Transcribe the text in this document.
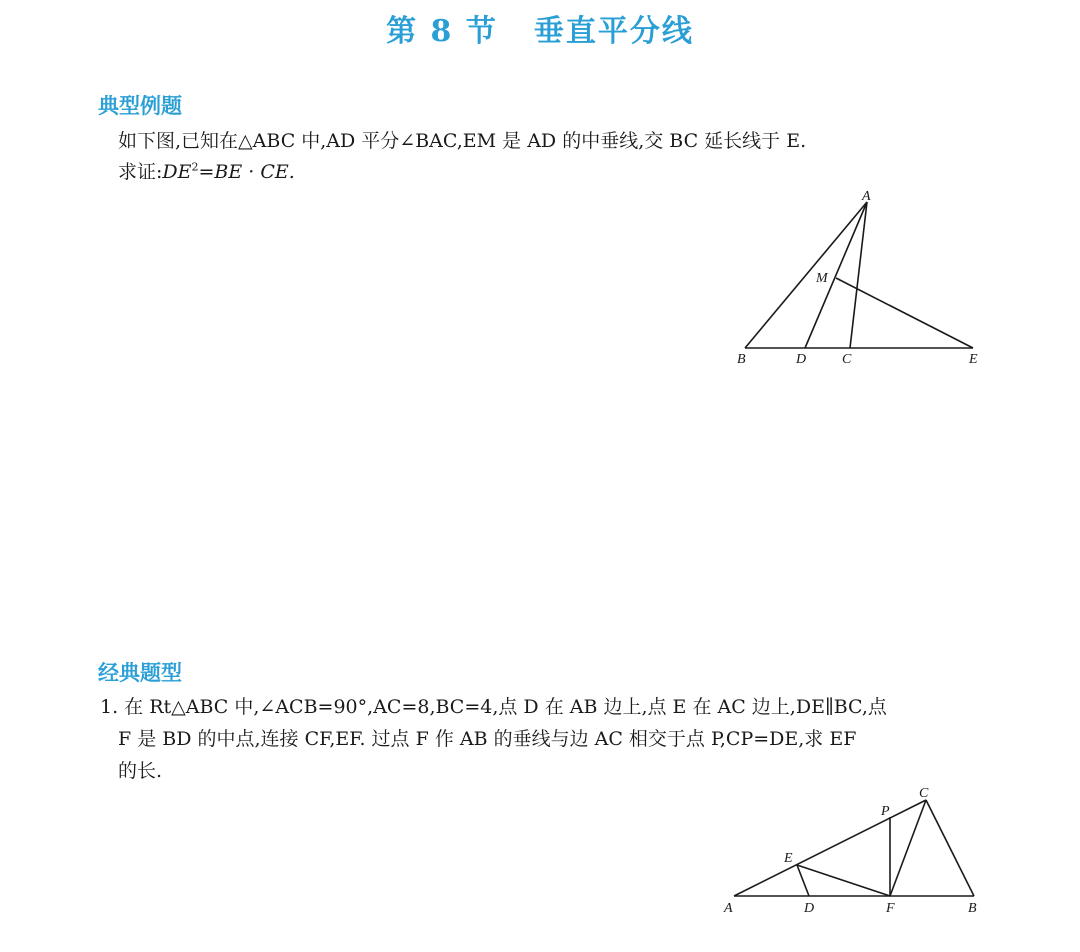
第 8 节 垂直平分线
典型例题
如下图,已知在△ABC 中,AD 平分∠BAC,EM 是 AD 的中垂线,交 BC 延长线于 E.
求证$:DE^2=BE$ · CE.
A
M
B	D	C	E
经典题型
1. 在 Rt△ABC 中,∠ACB=90°,AC=8,BC=4,点 D 在 AB 边上,点 E 在 AC 边上,DE∥BC,点
F 是 BD 的中点,连接 CF,EF. 过点 F 作 AB 的垂线与边 AC 相交于点 P,CP=DE,求 EF
的长.
C
P
E
A	D	F	B
